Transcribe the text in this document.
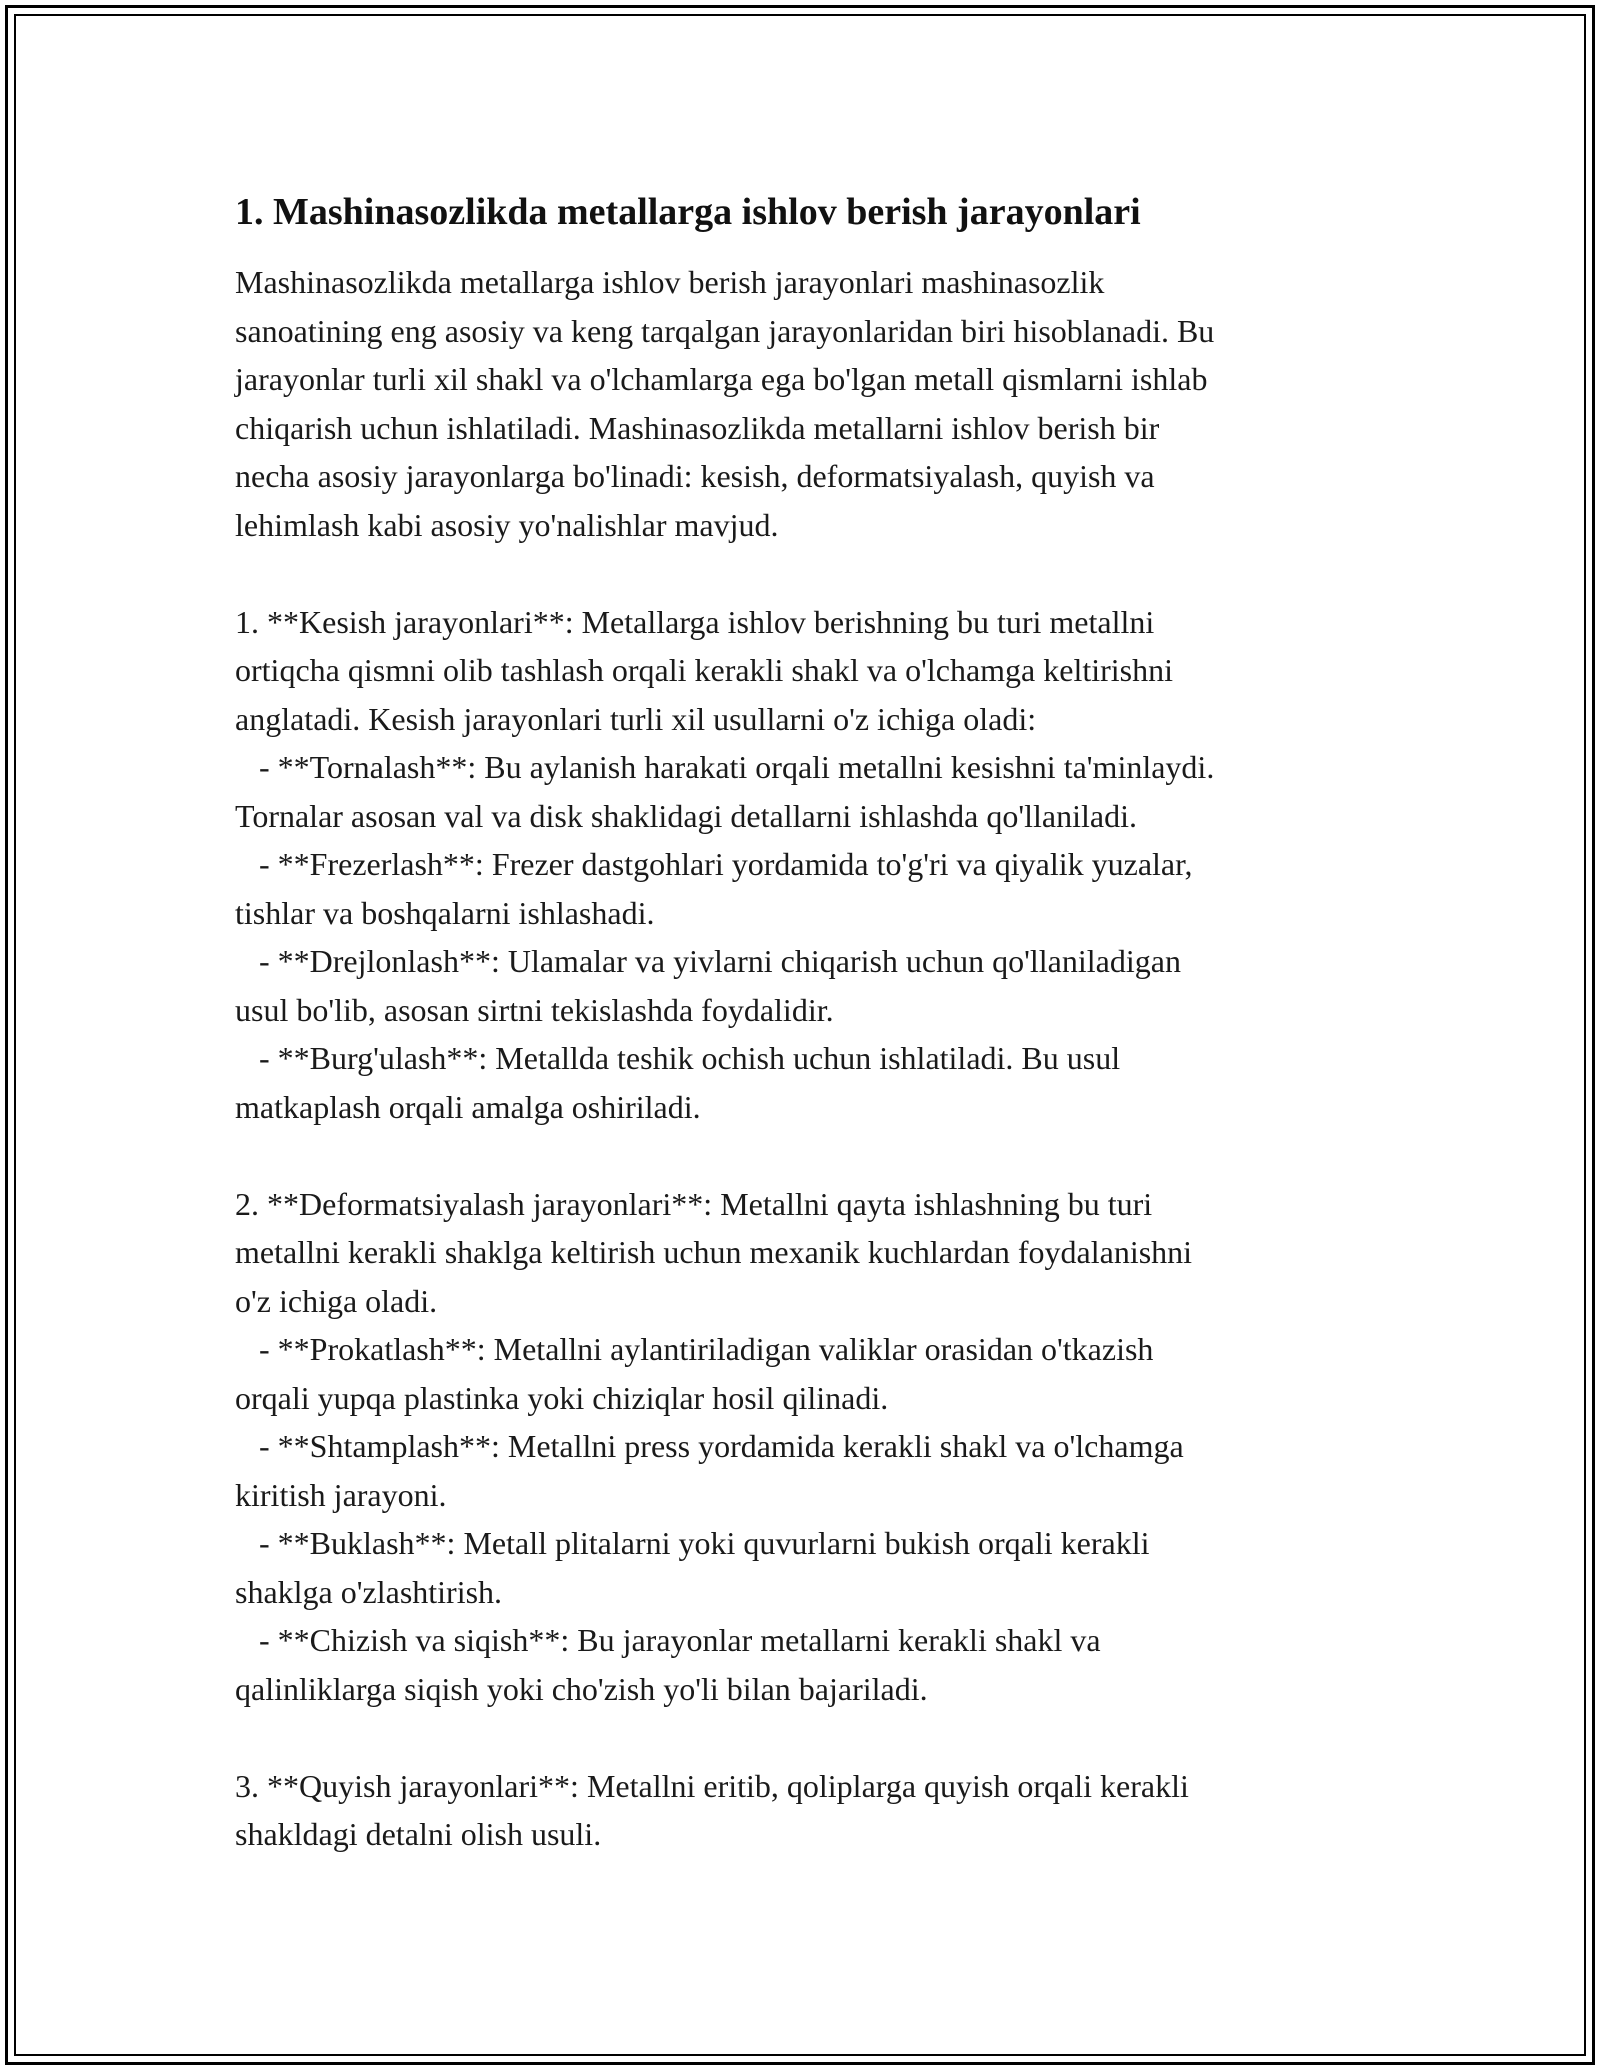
1. Mashinasozlikda metallarga ishlov berish jarayonlari

Mashinasozlikda metallarga ishlov berish jarayonlari mashinasozlik
sanoatining eng asosiy va keng tarqalgan jarayonlaridan biri hisoblanadi. Bu
jarayonlar turli xil shakl va o'lchamlarga ega bo'lgan metall qismlarni ishlab
chiqarish uchun ishlatiladi. Mashinasozlikda metallarni ishlov berish bir
necha asosiy jarayonlarga bo'linadi: kesish, deformatsiyalash, quyish va
lehimlash kabi asosiy yo'nalishlar mavjud.

1. **Kesish jarayonlari**: Metallarga ishlov berishning bu turi metallni
ortiqcha qismni olib tashlash orqali kerakli shakl va o'lchamga keltirishni
anglatadi. Kesish jarayonlari turli xil usullarni o'z ichiga oladi:
- **Tornalash**: Bu aylanish harakati orqali metallni kesishni ta'minlaydi.
Tornalar asosan val va disk shaklidagi detallarni ishlashda qo'llaniladi.
- **Frezerlash**: Frezer dastgohlari yordamida to'g'ri va qiyalik yuzalar,
tishlar va boshqalarni ishlashadi.
- **Drejlonlash**: Ulamalar va yivlarni chiqarish uchun qo'llaniladigan
usul bo'lib, asosan sirtni tekislashda foydalidir.
- **Burg'ulash**: Metallda teshik ochish uchun ishlatiladi. Bu usul
matkaplash orqali amalga oshiriladi.

2. **Deformatsiyalash jarayonlari**: Metallni qayta ishlashning bu turi
metallni kerakli shaklga keltirish uchun mexanik kuchlardan foydalanishni
o'z ichiga oladi.
- **Prokatlash**: Metallni aylantiriladigan valiklar orasidan o'tkazish
orqali yupqa plastinka yoki chiziqlar hosil qilinadi.
- **Shtamplash**: Metallni press yordamida kerakli shakl va o'lchamga
kiritish jarayoni.
- **Buklash**: Metall plitalarni yoki quvurlarni bukish orqali kerakli
shaklga o'zlashtirish.
- **Chizish va siqish**: Bu jarayonlar metallarni kerakli shakl va
qalinliklarga siqish yoki cho'zish yo'li bilan bajariladi.

3. **Quyish jarayonlari**: Metallni eritib, qoliplarga quyish orqali kerakli
shakldagi detalni olish usuli.
